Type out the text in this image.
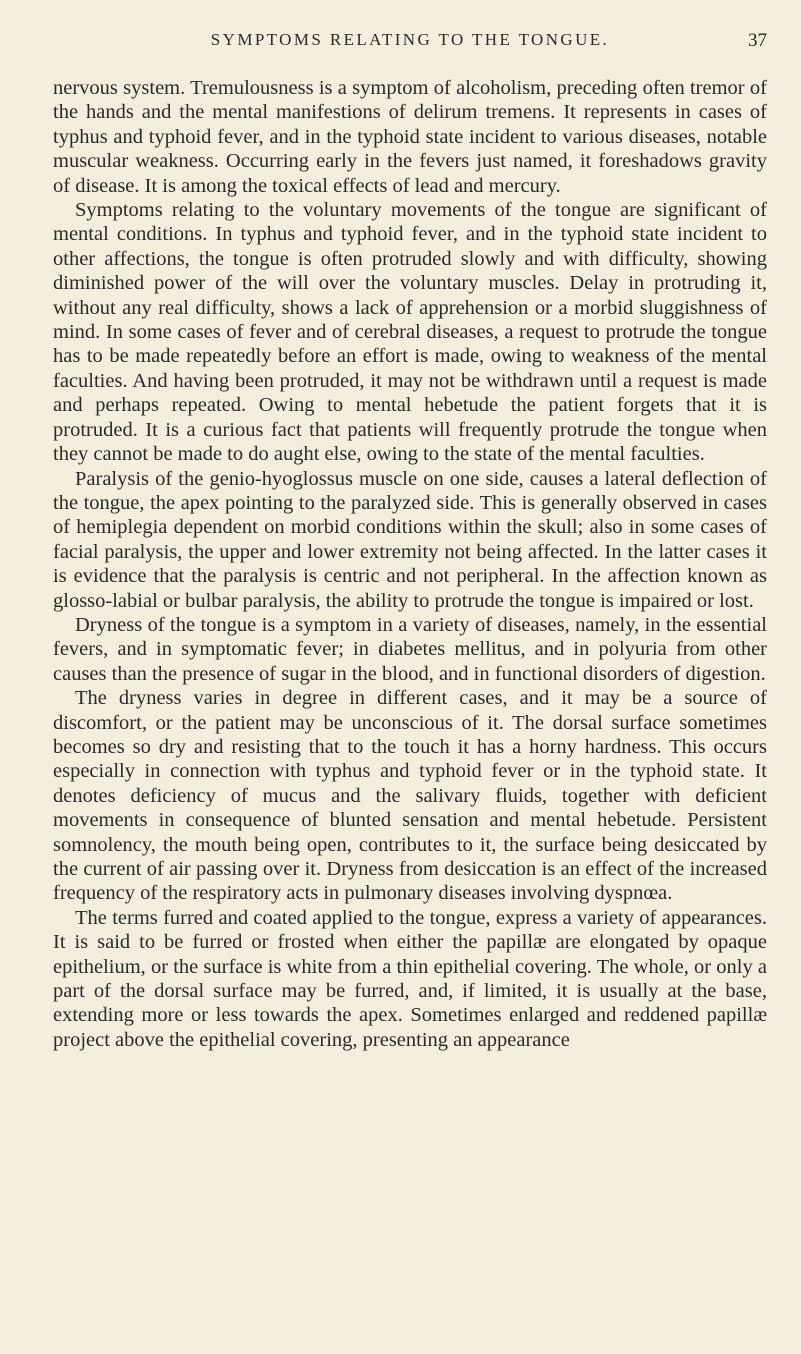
SYMPTOMS RELATING TO THE TONGUE.	37

nervous system. Tremulousness is a symptom of alcoholism, preceding often tremor of the hands and the mental manifestions of delirum tremens. It represents in cases of typhus and typhoid fever, and in the typhoid state incident to various diseases, notable muscular weakness. Occurring early in the fevers just named, it foreshadows gravity of disease. It is among the toxical effects of lead and mercury.

Symptoms relating to the voluntary movements of the tongue are significant of mental conditions. In typhus and typhoid fever, and in the typhoid state incident to other affections, the tongue is often protruded slowly and with difficulty, showing diminished power of the will over the voluntary muscles. Delay in protruding it, without any real difficulty, shows a lack of apprehension or a morbid sluggishness of mind. In some cases of fever and of cerebral diseases, a request to protrude the tongue has to be made repeatedly before an effort is made, owing to weakness of the mental faculties. And having been protruded, it may not be withdrawn until a request is made and perhaps repeated. Owing to mental hebetude the patient forgets that it is protruded. It is a curious fact that patients will frequently protrude the tongue when they cannot be made to do aught else, owing to the state of the mental faculties.

Paralysis of the genio-hyoglossus muscle on one side, causes a lateral deflection of the tongue, the apex pointing to the paralyzed side. This is generally observed in cases of hemiplegia dependent on morbid conditions within the skull; also in some cases of facial paralysis, the upper and lower extremity not being affected. In the latter cases it is evidence that the paralysis is centric and not peripheral. In the affection known as glosso-labial or bulbar paralysis, the ability to protrude the tongue is impaired or lost.

Dryness of the tongue is a symptom in a variety of diseases, namely, in the essential fevers, and in symptomatic fever; in diabetes mellitus, and in polyuria from other causes than the presence of sugar in the blood, and in functional disorders of digestion.

The dryness varies in degree in different cases, and it may be a source of discomfort, or the patient may be unconscious of it. The dorsal surface sometimes becomes so dry and resisting that to the touch it has a horny hardness. This occurs especially in connection with typhus and typhoid fever or in the typhoid state. It denotes deficiency of mucus and the salivary fluids, together with deficient movements in consequence of blunted sensation and mental hebetude. Persistent somnolency, the mouth being open, contributes to it, the surface being desiccated by the current of air passing over it. Dryness from desiccation is an effect of the increased frequency of the respiratory acts in pulmonary diseases involving dyspnœa.

The terms furred and coated applied to the tongue, express a variety of appearances. It is said to be furred or frosted when either the papillæ are elongated by opaque epithelium, or the surface is white from a thin epithelial covering. The whole, or only a part of the dorsal surface may be furred, and, if limited, it is usually at the base, extending more or less towards the apex. Sometimes enlarged and reddened papillæ project above the epithelial covering, presenting an appearance
